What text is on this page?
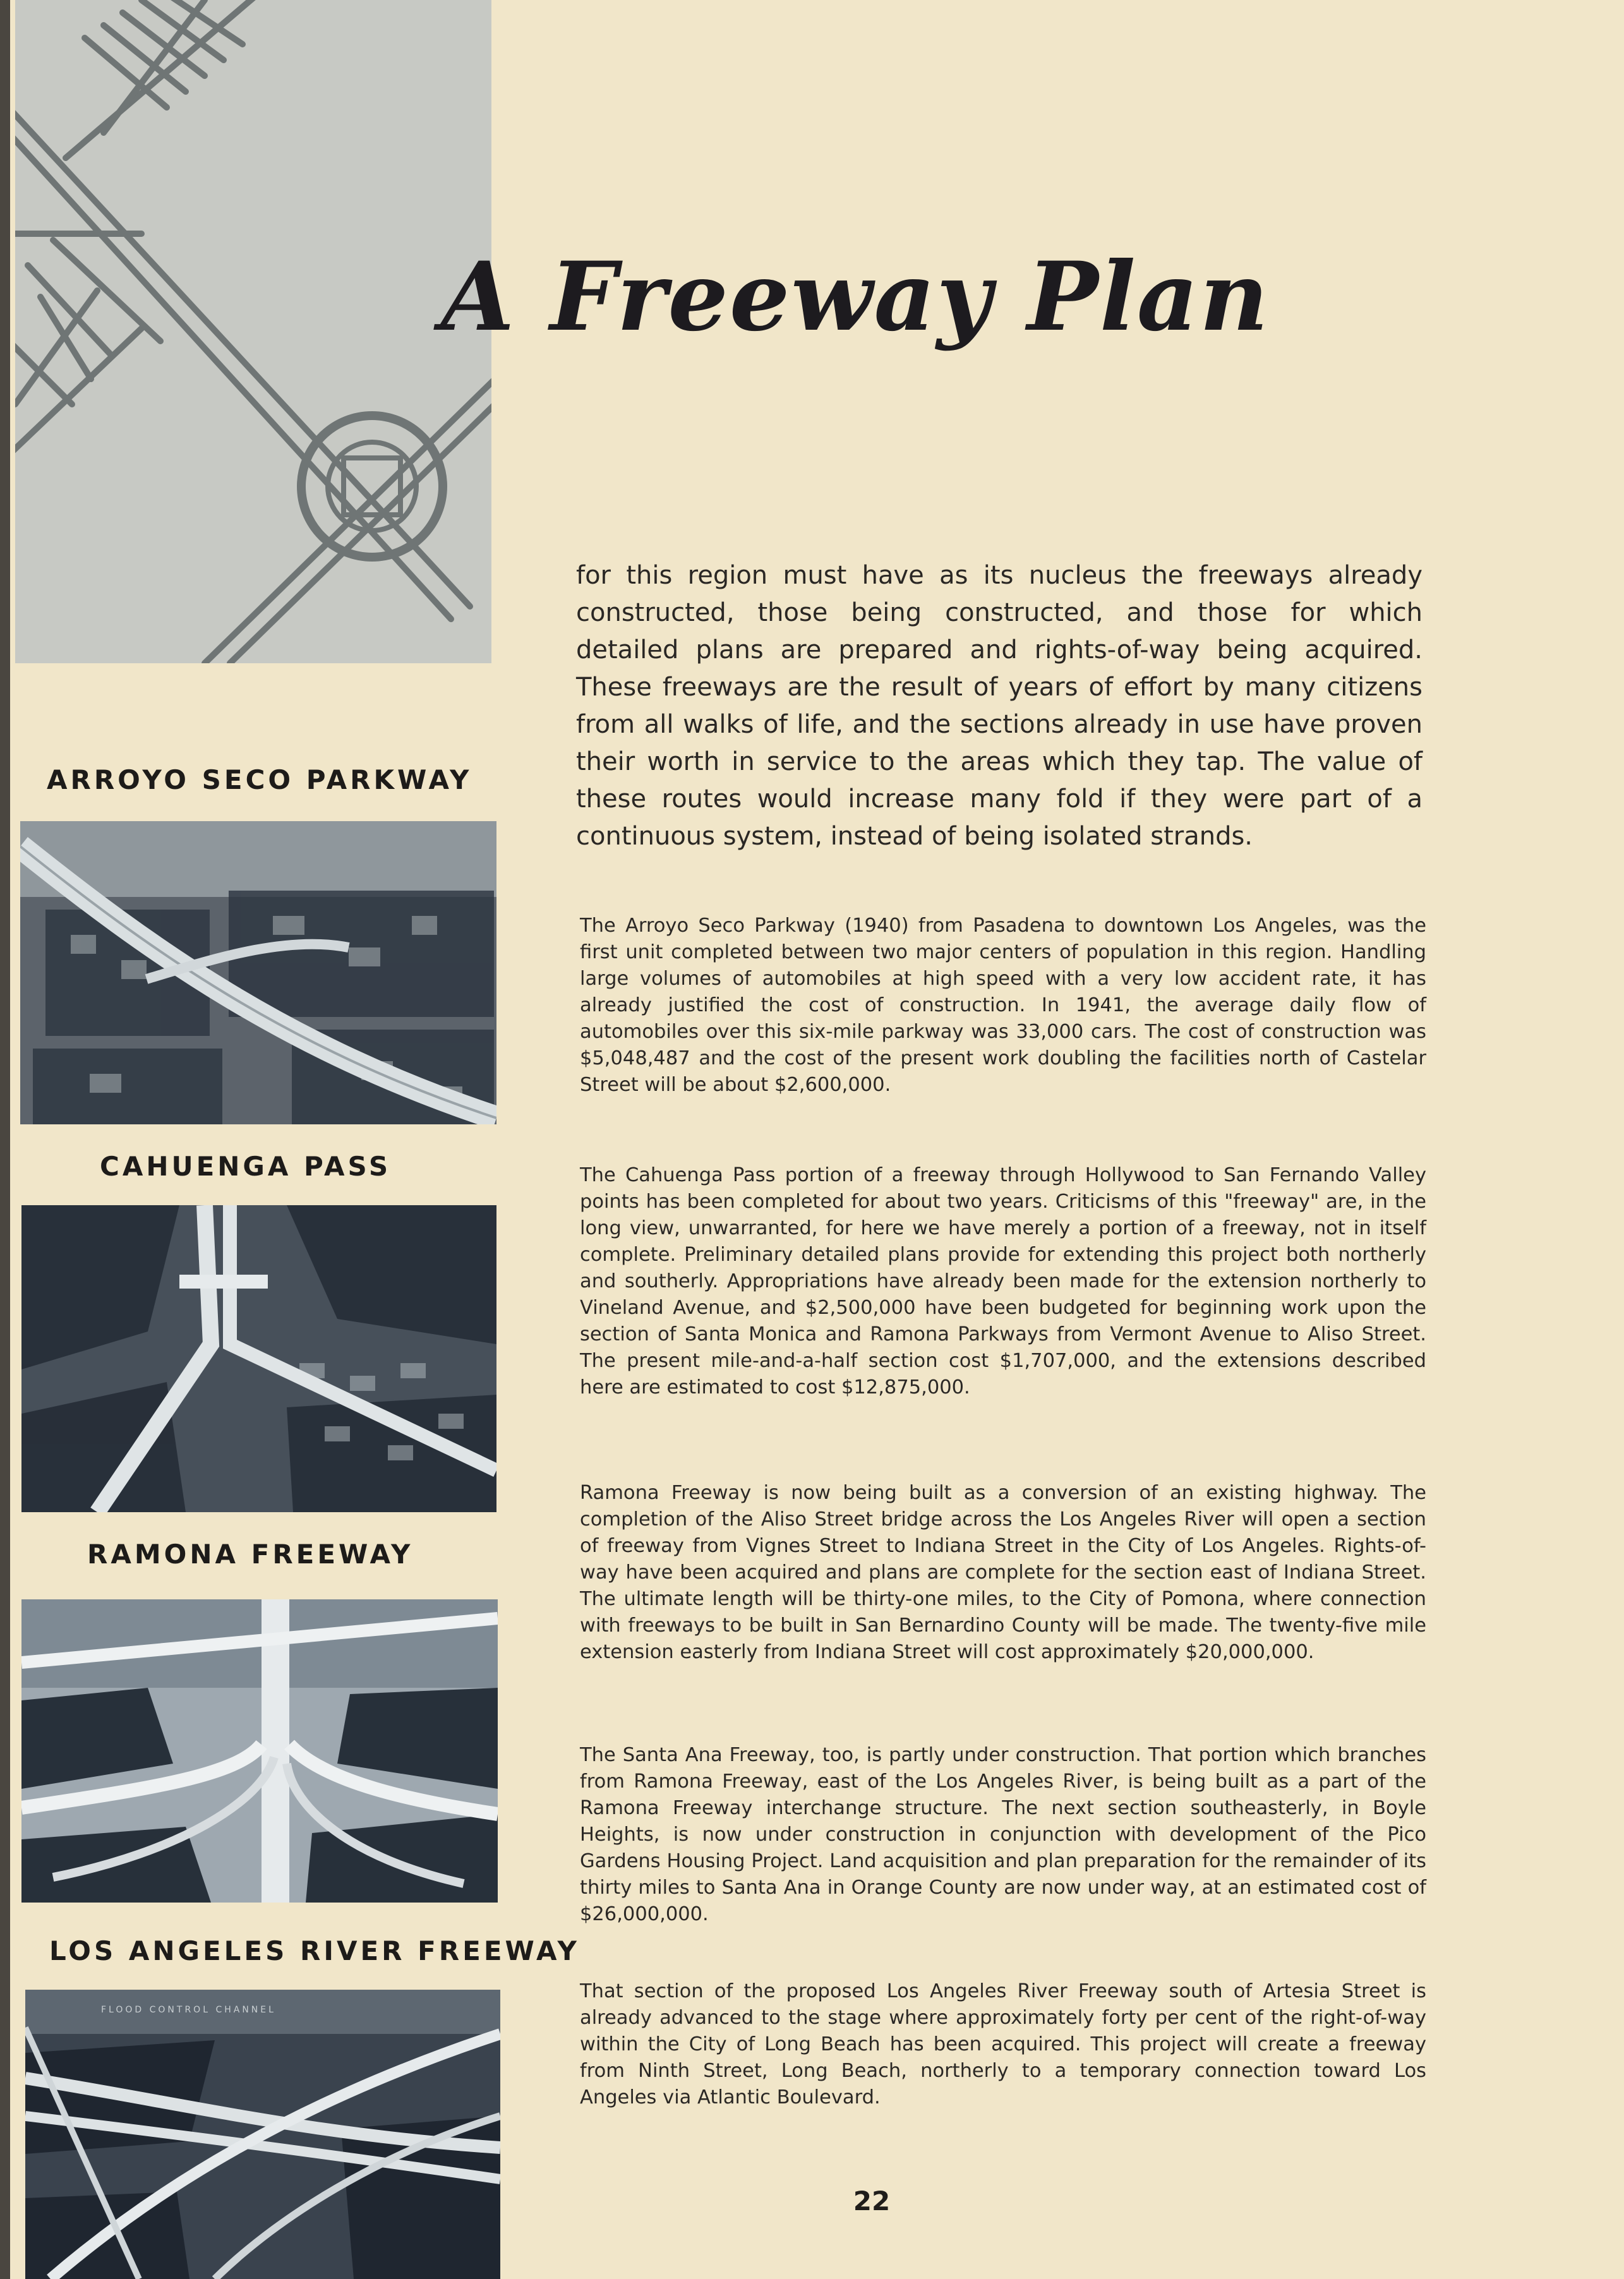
A Freeway Plan

for this region must have as its nucleus the freeways already constructed, those being constructed, and those for which detailed plans are prepared and rights-of-way being acquired. These freeways are the result of years of effort by many citizens from all walks of life, and the sections already in use have proven their worth in service to the areas which they tap. The value of these routes would increase many fold if they were part of a continuous system, instead of being isolated strands.

ARROYO SECO PARKWAY

The Arroyo Seco Parkway (1940) from Pasadena to downtown Los Angeles, was the first unit completed between two major centers of population in this region. Handling large volumes of automobiles at high speed with a very low accident rate, it has already justified the cost of construction. In 1941, the average daily flow of automobiles over this six-mile parkway was 33,000 cars. The cost of construction was $5,048,487 and the cost of the present work doubling the facilities north of Castelar Street will be about $2,600,000.

CAHUENGA PASS	The Cahuenga Pass portion of a freeway through Hollywood to San Fernando Valley points has been completed for about two years. Criticisms of this "freeway" are, in the long view, unwarranted, for here we have merely a portion of a freeway, not in itself complete. Preliminary detailed plans provide for extending this project both northerly and southerly. Appropriations have already been made for the extension northerly to Vineland Avenue, and $2,500,000 have been budgeted for beginning work upon the section of Santa Monica and Ramona Parkways from Vermont Avenue to Aliso Street. The present mile-and-a-half section cost $1,707,000, and the extensions described here are estimated to cost $12,875,000.

RAMONA FREEWAY

Ramona Freeway is now being built as a conversion of an existing highway. The completion of the Aliso Street bridge across the Los Angeles River will open a section of freeway from Vignes Street to Indiana Street in the City of Los Angeles. Rights-of-way have been acquired and plans are complete for the section east of Indiana Street. The ultimate length will be thirty-one miles, to the City of Pomona, where connection with freeways to be built in San Bernardino County will be made. The twenty-five mile extension easterly from Indiana Street will cost approximately $20,000,000.

The Santa Ana Freeway, too, is partly under construction. That portion which branches from Ramona Freeway, east of the Los Angeles River, is being built as a part of the Ramona Freeway interchange structure. The next section southeasterly, in Boyle Heights, is now under construction in conjunction with development of the Pico Gardens Housing Project. Land acquisition and plan preparation for the remainder of its thirty miles to Santa Ana in Orange County are now under way, at an estimated cost of $26,000,000.

LOS ANGELES RIVER FREEWAY
FLOOD CONTROL CHANNEL

That section of the proposed Los Angeles River Freeway south of Artesia Street is already advanced to the stage where approximately forty per cent of the right-of-way within the City of Long Beach has been acquired. This project will create a freeway from Ninth Street, Long Beach, northerly to a temporary connection toward Los Angeles via Atlantic Boulevard.

22
